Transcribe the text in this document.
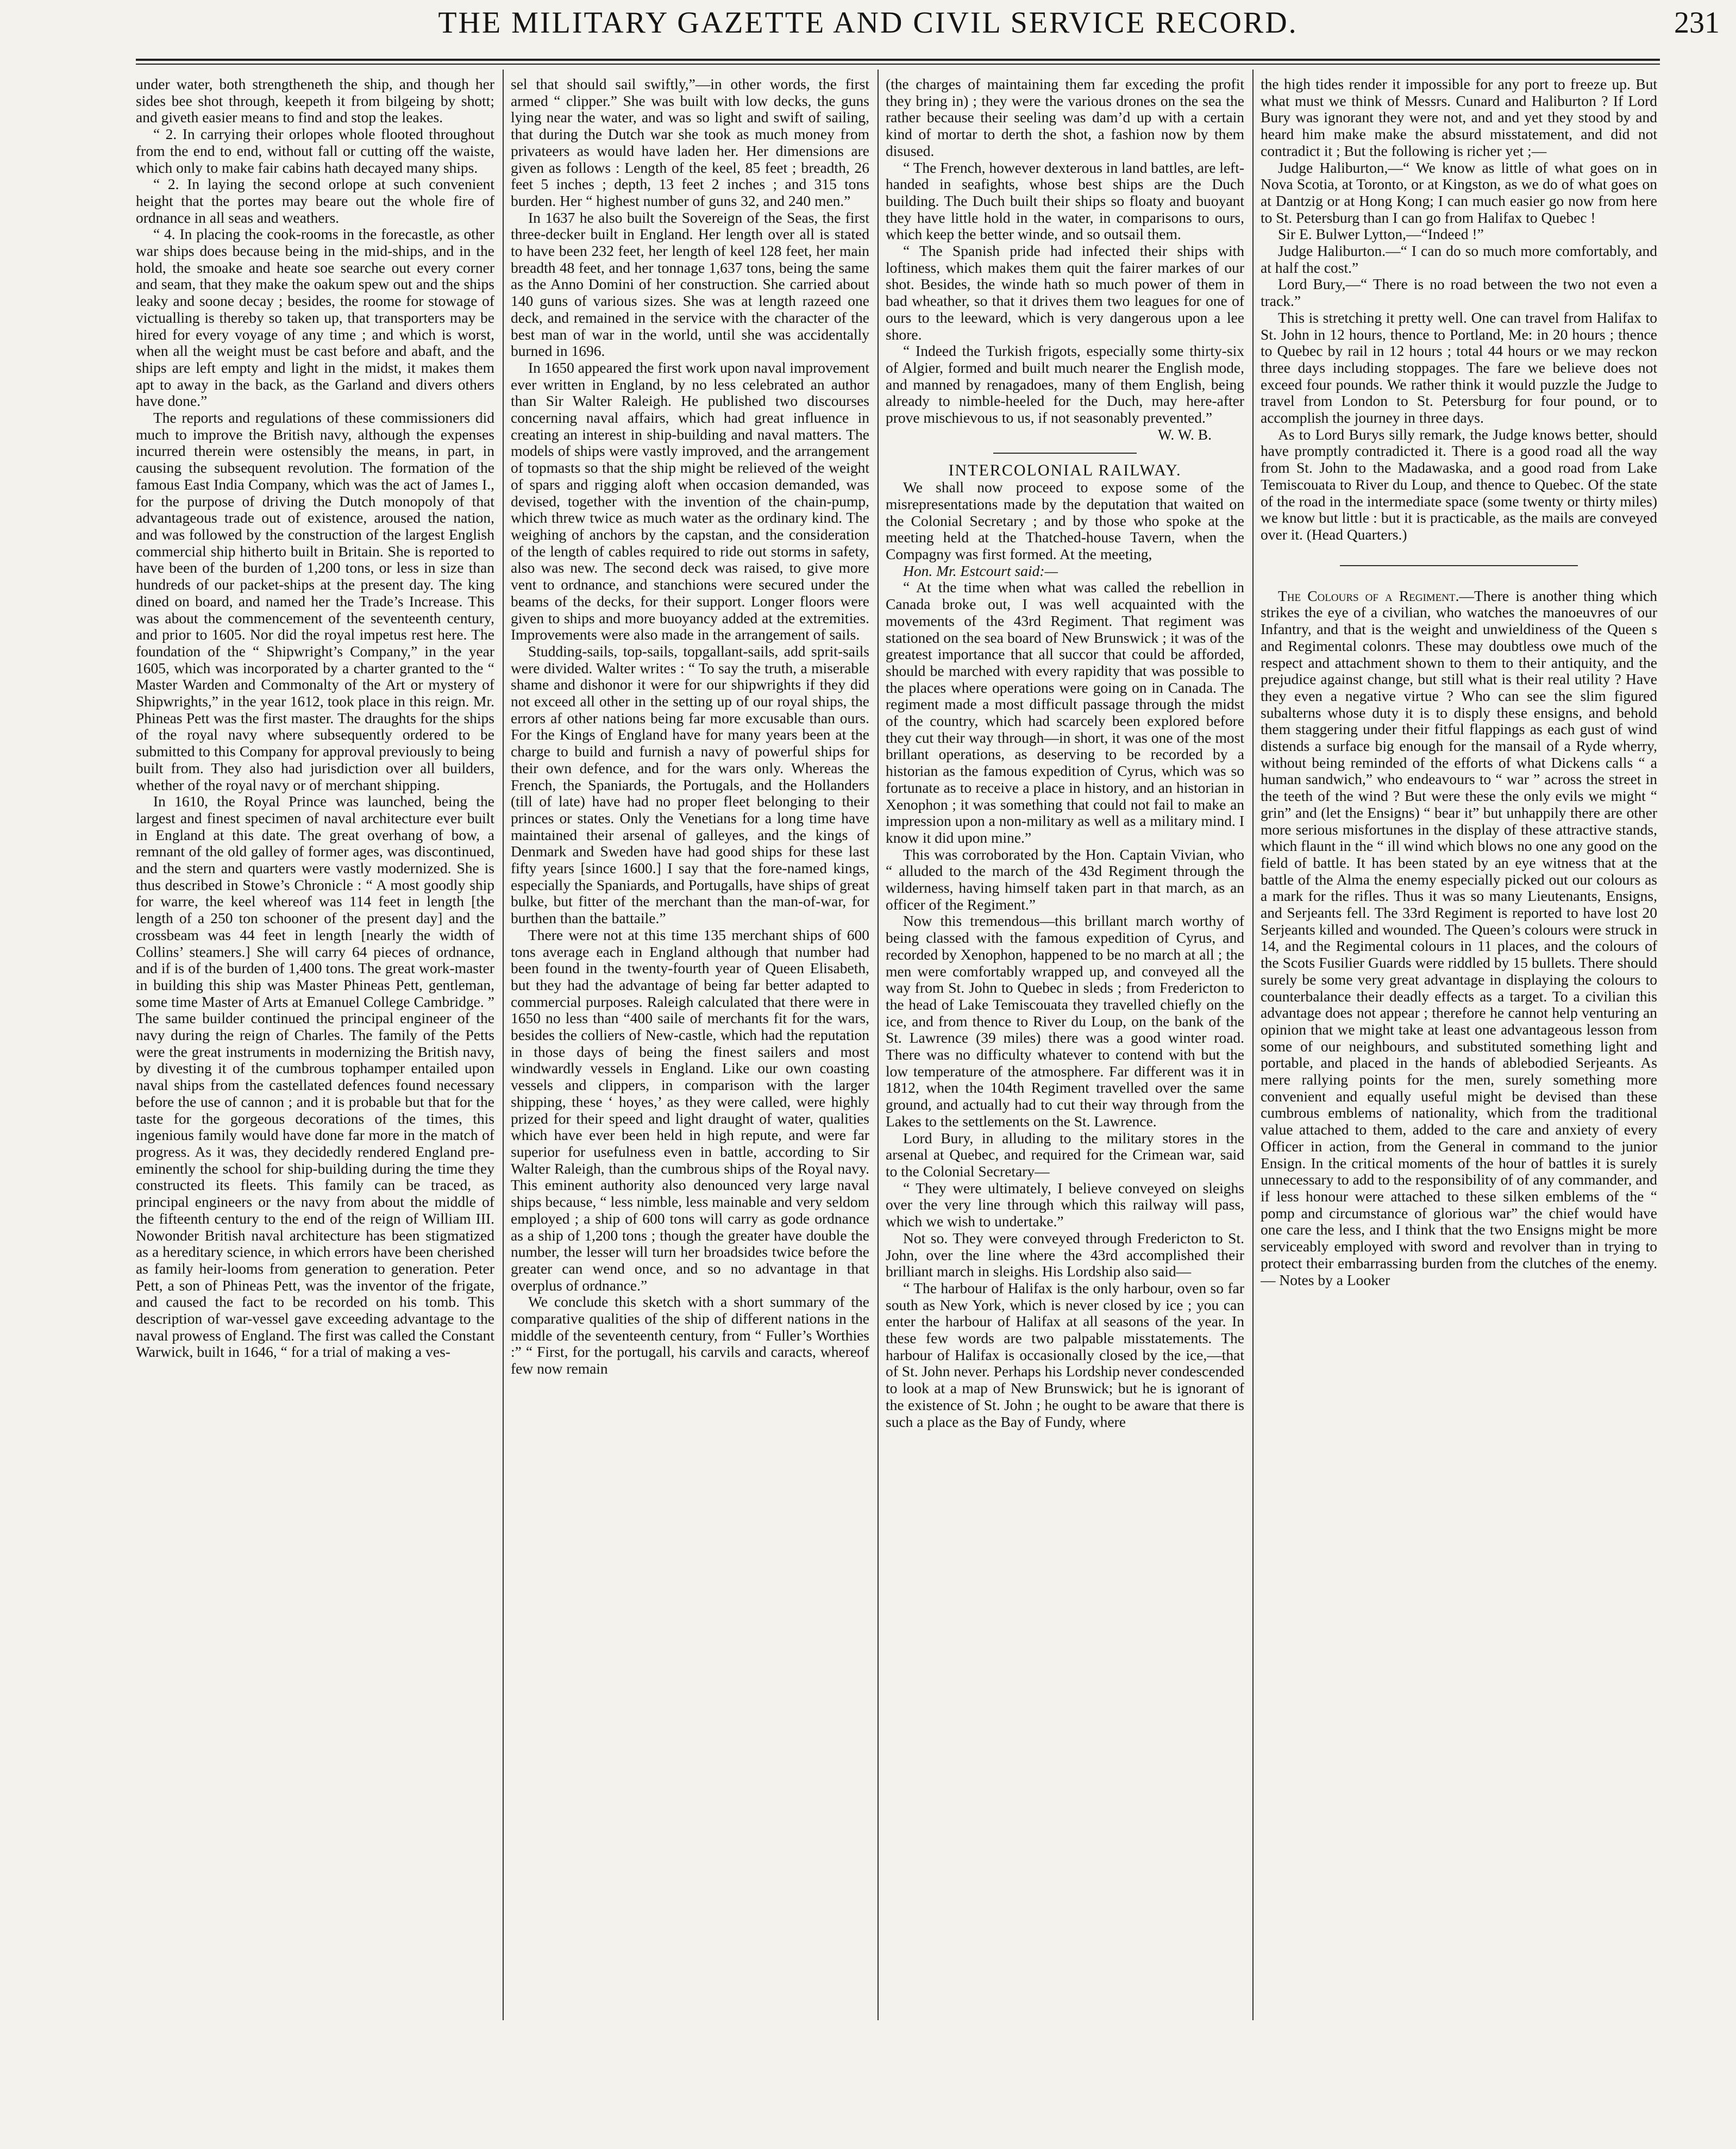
THE MILITARY GAZETTE AND CIVIL SERVICE RECORD.	231

under water, both strengtheneth the ship, and though her sides bee shot through, keepeth it from bilgeing by shott; and giveth easier means to find and stop the leakes.

“ 2. In carrying their orlopes whole flooted throughout from the end to end, without fall or cutting off the waiste, which only to make fair cabins hath decayed many ships.

“ 2. In laying the second orlope at such convenient height that the portes may beare out the whole fire of ordnance in all seas and weathers.

“ 4. In placing the cook-rooms in the forecastle, as other war ships does because being in the mid-ships, and in the hold, the smoake and heate soe searche out every corner and seam, that they make the oakum spew out and the ships leaky and soone decay ; besides, the roome for stowage of victualling is thereby so taken up, that transporters may be hired for every voyage of any time ; and which is worst, when all the weight must be cast before and abaft, and the ships are left empty and light in the midst, it makes them apt to away in the back, as the Garland and divers others have done.”

The reports and regulations of these commissioners did much to improve the British navy, although the expenses incurred therein were ostensibly the means, in part, in causing the subsequent revolution. The formation of the famous East India Company, which was the act of James I., for the purpose of driving the Dutch monopoly of that advantageous trade out of existence, aroused the nation, and was followed by the construction of the largest English commercial ship hitherto built in Britain. She is reported to have been of the burden of 1,200 tons, or less in size than hundreds of our packet-ships at the present day. The king dined on board, and named her the Trade’s Increase. This was about the commencement of the seventeenth century, and prior to 1605. Nor did the royal impetus rest here. The foundation of the “ Shipwright’s Company,” in the year 1605, which was incorporated by a charter granted to the “ Master Warden and Commonalty of the Art or mystery of Shipwrights,” in the year 1612, took place in this reign. Mr. Phineas Pett was the first master. The draughts for the ships of the royal navy where subsequently ordered to be submitted to this Company for approval previously to being built from. They also had jurisdiction over all builders, whether of the royal navy or of merchant shipping.

In 1610, the Royal Prince was launched, being the largest and finest specimen of naval architecture ever built in England at this date. The great overhang of bow, a remnant of the old galley of former ages, was discontinued, and the stern and quarters were vastly modernized. She is thus described in Stowe’s Chronicle : “ A most goodly ship for warre, the keel whereof was 114 feet in length [the length of a 250 ton schooner of the present day] and the crossbeam was 44 feet in length [nearly the width of Collins’ steamers.] She will carry 64 pieces of ordnance, and if is of the burden of 1,400 tons. The great work-master in building this ship was Master Phineas Pett, gentleman, some time Master of Arts at Emanuel College Cambridge. ” The same builder continued the principal engineer of the navy during the reign of Charles. The family of the Petts were the great instruments in modernizing the British navy, by divesting it of the cumbrous tophamper entailed upon naval ships from the castellated defences found necessary before the use of cannon ; and it is probable but that for the taste for the gorgeous decorations of the times, this ingenious family would have done far more in the match of progress. As it was, they decidedly rendered England pre-eminently the school for ship-building during the time they constructed its fleets. This family can be traced, as principal engineers or the navy from about the middle of the fifteenth century to the end of the reign of William III. Nowonder British naval architecture has been stigmatized as a hereditary science, in which errors have been cherished as family heir-looms from generation to generation. Peter Pett, a son of Phineas Pett, was the inventor of the frigate, and caused the fact to be recorded on his tomb. This description of war-vessel gave exceeding advantage to the naval prowess of England. The first was called the Constant Warwick, built in 1646, “ for a trial of making a ves-

sel that should sail swiftly,”—in other words, the first armed “ clipper.” She was built with low decks, the guns lying near the water, and was so light and swift of sailing, that during the Dutch war she took as much money from privateers as would have laden her. Her dimensions are given as follows : Length of the keel, 85 feet ; breadth, 26 feet 5 inches ; depth, 13 feet 2 inches ; and 315 tons burden. Her “ highest number of guns 32, and 240 men.”

In 1637 he also built the Sovereign of the Seas, the first three-decker built in England. Her length over all is stated to have been 232 feet, her length of keel 128 feet, her main breadth 48 feet, and her tonnage 1,637 tons, being the same as the Anno Domini of her construction. She carried about 140 guns of various sizes. She was at length razeed one deck, and remained in the service with the character of the best man of war in the world, until she was accidentally burned in 1696.

In 1650 appeared the first work upon naval improvement ever written in England, by no less celebrated an author than Sir Walter Raleigh. He published two discourses concerning naval affairs, which had great influence in creating an interest in ship-building and naval matters. The models of ships were vastly improved, and the arrangement of topmasts so that the ship might be relieved of the weight of spars and rigging aloft when occasion demanded, was devised, together with the invention of the chain-pump, which threw twice as much water as the ordinary kind. The weighing of anchors by the capstan, and the consideration of the length of cables required to ride out storms in safety, also was new. The second deck was raised, to give more vent to ordnance, and stanchions were secured under the beams of the decks, for their support. Longer floors were given to ships and more buoyancy added at the extremities. Improvements were also made in the arrangement of sails.

Studding-sails, top-sails, topgallant-sails, add sprit-sails were divided. Walter writes : “ To say the truth, a miserable shame and dishonor it were for our shipwrights if they did not exceed all other in the setting up of our royal ships, the errors af other nations being far more excusable than ours. For the Kings of England have for many years been at the charge to build and furnish a navy of powerful ships for their own defence, and for the wars only. Whereas the French, the Spaniards, the Portugals, and the Hollanders (till of late) have had no proper fleet belonging to their princes or states. Only the Venetians for a long time have maintained their arsenal of galleyes, and the kings of Denmark and Sweden have had good ships for these last fifty years [since 1600.] I say that the fore-named kings, especially the Spaniards, and Portugalls, have ships of great bulke, but fitter of the merchant than the man-of-war, for burthen than the battaile.”

There were not at this time 135 merchant ships of 600 tons average each in England although that number had been found in the twenty-fourth year of Queen Elisabeth, but they had the advantage of being far better adapted to commercial purposes. Raleigh calculated that there were in 1650 no less than “400 saile of merchants fit for the wars, besides the colliers of New-castle, which had the reputation in those days of being the finest sailers and most windwardly vessels in England. Like our own coasting vessels and clippers, in comparison with the larger shipping, these ‘ hoyes,’ as they were called, were highly prized for their speed and light draught of water, qualities which have ever been held in high repute, and were far superior for usefulness even in battle, according to Sir Walter Raleigh, than the cumbrous ships of the Royal navy. This eminent authority also denounced very large naval ships because, “ less nimble, less mainable and very seldom employed ; a ship of 600 tons will carry as gode ordnance as a ship of 1,200 tons ; though the greater have double the number, the lesser will turn her broadsides twice before the greater can wend once, and so no advantage in that overplus of ordnance.”

We conclude this sketch with a short summary of the comparative qualities of the ship of different nations in the middle of the seventeenth century, from “ Fuller’s Worthies :” “ First, for the portugall, his carvils and caracts, whereof few now remain

(the charges of maintaining them far exceding the profit they bring in) ; they were the various drones on the sea the rather because their seeling was dam’d up with a certain kind of mortar to derth the shot, a fashion now by them disused.

“ The French, however dexterous in land battles, are left-handed in seafights, whose best ships are the Duch building. The Duch built their ships so floaty and buoyant they have little hold in the water, in comparisons to ours, which keep the better winde, and so outsail them.

“ The Spanish pride had infected their ships with loftiness, which makes them quit the fairer markes of our shot. Besides, the winde hath so much power of them in bad wheather, so that it drives them two leagues for one of ours to the leeward, which is very dangerous upon a lee shore.

“ Indeed the Turkish frigots, especially some thirty-six of Algier, formed and built much nearer the English mode, and manned by renagadoes, many of them English, being already to nimble-heeled for the Duch, may here-after prove mischievous to us, if not seasonably prevented.”

W. W. B.

INTERCOLONIAL RAILWAY.

We shall now proceed to expose some of the misrepresentations made by the deputation that waited on the Colonial Secretary ; and by those who spoke at the meeting held at the Thatched-house Tavern, when the Compagny was first formed. At the meeting,

Hon. Mr. Estcourt said:—

“ At the time when what was called the rebellion in Canada broke out, I was well acquainted with the movements of the 43rd Regiment. That regiment was stationed on the sea board of New Brunswick ; it was of the greatest importance that all succor that could be afforded, should be marched with every rapidity that was possible to the places where operations were going on in Canada. The regiment made a most difficult passage through the midst of the country, which had scarcely been explored before they cut their way through—in short, it was one of the most brillant operations, as deserving to be recorded by a historian as the famous expedition of Cyrus, which was so fortunate as to receive a place in history, and an historian in Xenophon ; it was something that could not fail to make an impression upon a non-military as well as a military mind. I know it did upon mine.”

This was corroborated by the Hon. Captain Vivian, who “ alluded to the march of the 43d Regiment through the wilderness, having himself taken part in that march, as an officer of the Regiment.”

Now this tremendous—this brillant march worthy of being classed with the famous expedition of Cyrus, and recorded by Xenophon, happened to be no march at all ; the men were comfortably wrapped up, and conveyed all the way from St. John to Quebec in sleds ; from Fredericton to the head of Lake Temiscouata they travelled chiefly on the ice, and from thence to River du Loup, on the bank of the St. Lawrence (39 miles) there was a good winter road. There was no difficulty whatever to contend with but the low temperature of the atmosphere. Far different was it in 1812, when the 104th Regiment travelled over the same ground, and actually had to cut their way through from the Lakes to the settlements on the St. Lawrence.

Lord Bury, in alluding to the military stores in the arsenal at Quebec, and required for the Crimean war, said to the Colonial Secretary—

“ They were ultimately, I believe conveyed on sleighs over the very line through which this railway will pass, which we wish to undertake.”

Not so. They were conveyed through Fredericton to St. John, over the line where the 43rd accomplished their brilliant march in sleighs. His Lordship also said—

“ The harbour of Halifax is the only harbour, oven so far south as New York, which is never closed by ice ; you can enter the harbour of Halifax at all seasons of the year. In these few words are two palpable misstatements. The harbour of Halifax is occasionally closed by the ice,—that of St. John never. Perhaps his Lordship never condescended to look at a map of New Brunswick; but he is ignorant of the existence of St. John ; he ought to be aware that there is such a place as the Bay of Fundy, where

the high tides render it impossible for any port to freeze up. But what must we think of Messrs. Cunard and Haliburton ? If Lord Bury was ignorant they were not, and and yet they stood by and heard him make make the absurd misstatement, and did not contradict it ; But the following is richer yet ;—

Judge Haliburton,—“ We know as little of what goes on in Nova Scotia, at Toronto, or at Kingston, as we do of what goes on at Dantzig or at Hong Kong; I can much easier go now from here to St. Petersburg than I can go from Halifax to Quebec !

Sir E. Bulwer Lytton,—“Indeed !”

Judge Haliburton.—“ I can do so much more comfortably, and at half the cost.”

Lord Bury,—“ There is no road between the two not even a track.”

This is stretching it pretty well. One can travel from Halifax to St. John in 12 hours, thence to Portland, Me: in 20 hours ; thence to Quebec by rail in 12 hours ; total 44 hours or we may reckon three days including stoppages. The fare we believe does not exceed four pounds. We rather think it would puzzle the Judge to travel from London to St. Petersburg for four pound, or to accomplish the journey in three days.

As to Lord Burys silly remark, the Judge knows better, should have promptly contradicted it. There is a good road all the way from St. John to the Madawaska, and a good road from Lake Temiscouata to River du Loup, and thence to Quebec. Of the state of the road in the intermediate space (some twenty or thirty miles) we know but little : but it is practicable, as the mails are conveyed over it. (Head Quarters.)

The Colours of a Regiment.—There is another thing which strikes the eye of a civilian, who watches the manoeuvres of our Infantry, and that is the weight and unwieldiness of the Queen s and Regimental colonrs. These may doubtless owe much of the respect and attachment shown to them to their antiquity, and the prejudice against change, but still what is their real utility ? Have they even a negative virtue ? Who can see the slim figured subalterns whose duty it is to disply these ensigns, and behold them staggering under their fitful flappings as each gust of wind distends a surface big enough for the mansail of a Ryde wherry, without being reminded of the efforts of what Dickens calls “ a human sandwich,” who endeavours to “ war ” across the street in the teeth of the wind ? But were these the only evils we might “ grin” and (let the Ensigns) “ bear it” but unhappily there are other more serious misfortunes in the display of these attractive stands, which flaunt in the “ ill wind which blows no one any good on the field of battle. It has been stated by an eye witness that at the battle of the Alma the enemy especially picked out our colours as a mark for the rifles. Thus it was so many Lieutenants, Ensigns, and Serjeants fell. The 33rd Regiment is reported to have lost 20 Serjeants killed and wounded. The Queen’s colours were struck in 14, and the Regimental colours in 11 places, and the colours of the Scots Fusilier Guards were riddled by 15 bullets. There should surely be some very great advantage in displaying the colours to counterbalance their deadly effects as a target. To a civilian this advantage does not appear ; therefore he cannot help venturing an opinion that we might take at least one advantageous lesson from some of our neighbours, and substituted something light and portable, and placed in the hands of ablebodied Serjeants. As mere rallying points for the men, surely something more convenient and equally useful might be devised than these cumbrous emblems of nationality, which from the traditional value attached to them, added to the care and anxiety of every Officer in action, from the General in command to the junior Ensign. In the critical moments of the hour of battles it is surely unnecessary to add to the responsibility of of any commander, and if less honour were attached to these silken emblems of the “ pomp and circumstance of glorious war” the chief would have one care the less, and I think that the two Ensigns might be more serviceably employed with sword and revolver than in trying to protect their embarrassing burden from the clutches of the enemy.— Notes by a Looker
